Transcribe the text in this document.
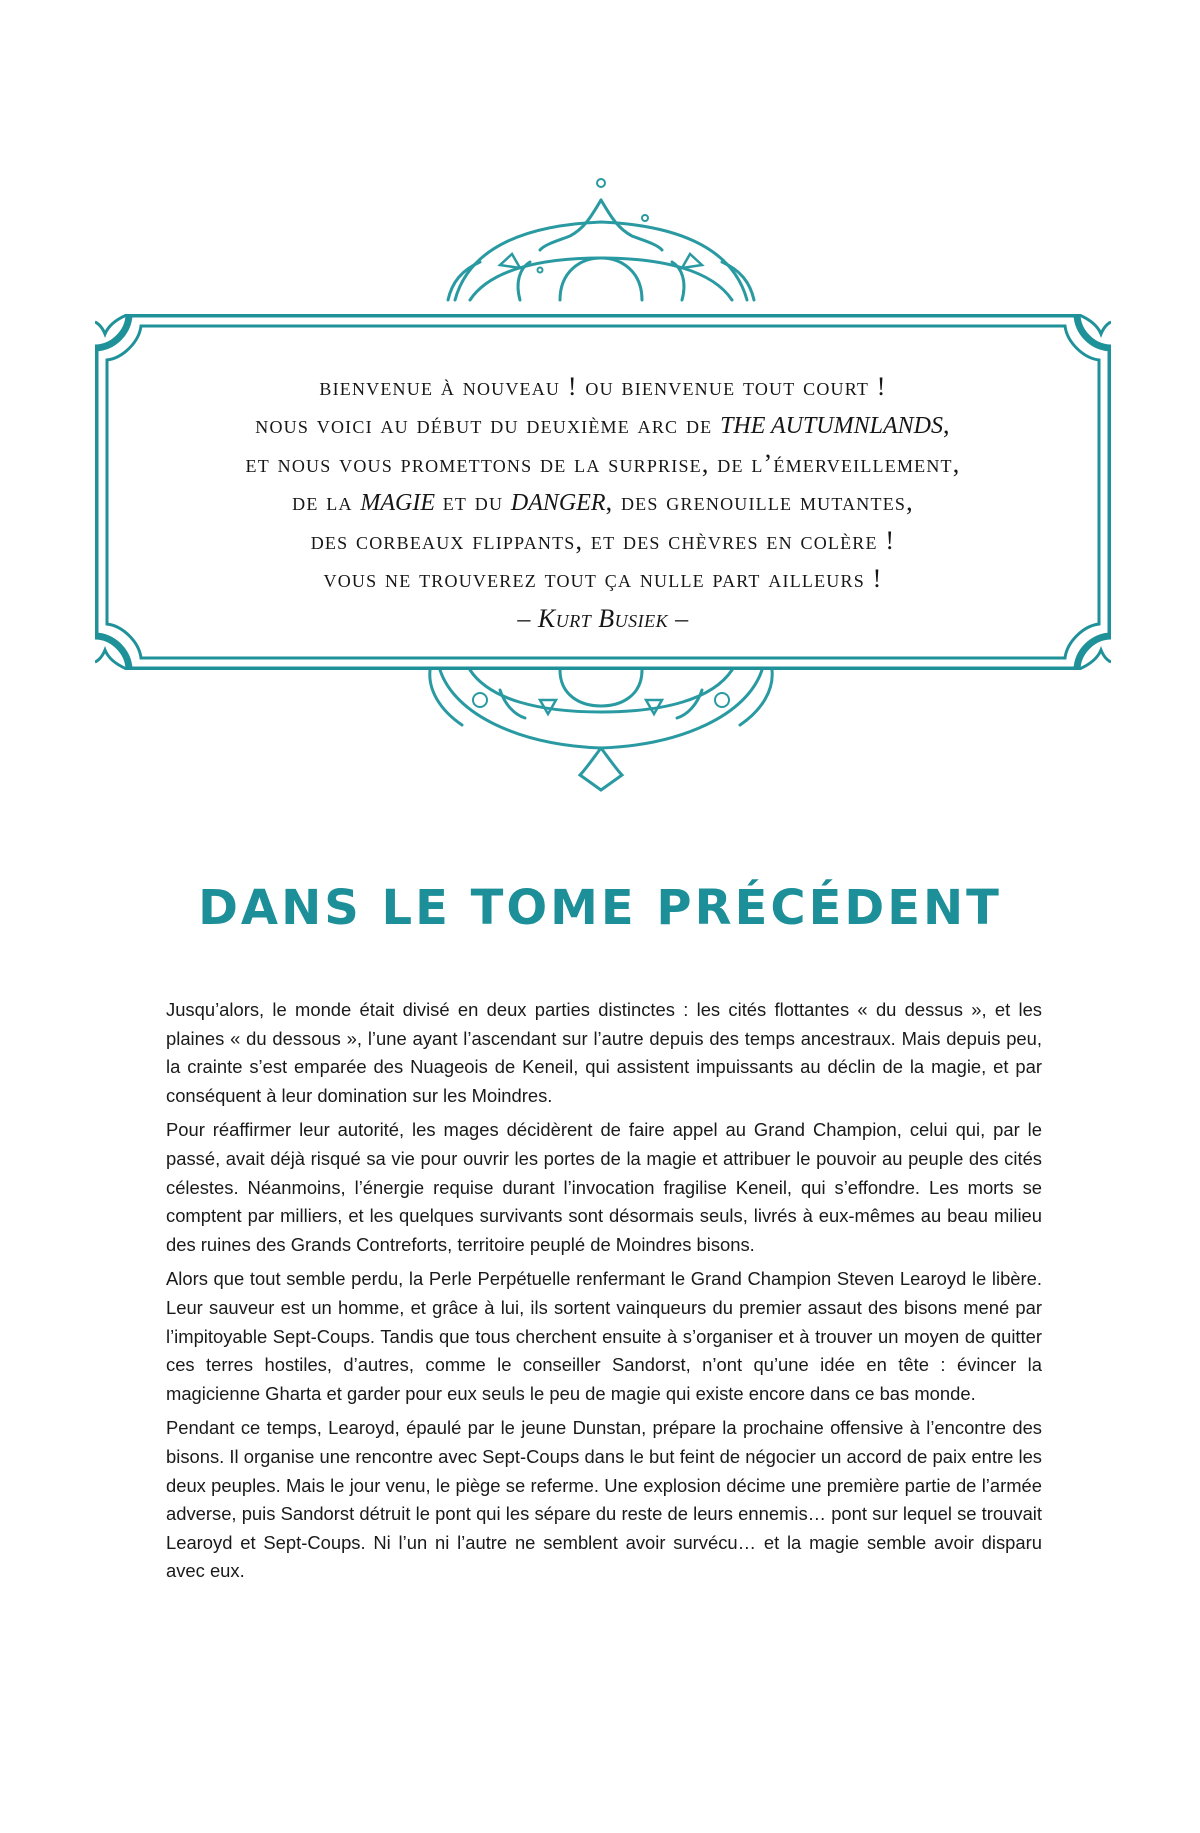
bienvenue à nouveau ! ou bienvenue tout court !
nous voici au début du deuxième arc de THE AUTUMNLANDS,
et nous vous promettons de la surprise, de l’émerveillement,
de la MAGIE et du DANGER, des grenouille mutantes,
des corbeaux flippants, et des chèvres en colère !
vous ne trouverez tout ça nulle part ailleurs !
– Kurt Busiek –
DANS LE TOME PRÉCÉDENT

Jusqu’alors, le monde était divisé en deux parties distinctes : les cités flottantes « du dessus », et les plaines « du dessous », l’une ayant l’ascendant sur l’autre depuis des temps ancestraux. Mais depuis peu, la crainte s’est emparée des Nuageois de Keneil, qui assistent impuissants au déclin de la magie, et par conséquent à leur domination sur les Moindres.

Pour réaffirmer leur autorité, les mages décidèrent de faire appel au Grand Champion, celui qui, par le passé, avait déjà risqué sa vie pour ouvrir les portes de la magie et attribuer le pouvoir au peuple des cités célestes. Néanmoins, l’énergie requise durant l’invocation fragilise Keneil, qui s’effondre. Les morts se comptent par milliers, et les quelques survivants sont désormais seuls, livrés à eux-mêmes au beau milieu des ruines des Grands Contreforts, territoire peuplé de Moindres bisons.

Alors que tout semble perdu, la Perle Perpétuelle renfermant le Grand Champion Steven Learoyd le libère. Leur sauveur est un homme, et grâce à lui, ils sortent vainqueurs du premier assaut des bisons mené par l’impitoyable Sept-Coups. Tandis que tous cherchent ensuite à s’organiser et à trouver un moyen de quitter ces terres hostiles, d’autres, comme le conseiller Sandorst, n’ont qu’une idée en tête : évincer la magicienne Gharta et garder pour eux seuls le peu de magie qui existe encore dans ce bas monde.

Pendant ce temps, Learoyd, épaulé par le jeune Dunstan, prépare la prochaine offensive à l’encontre des bisons. Il organise une rencontre avec Sept-Coups dans le but feint de négocier un accord de paix entre les deux peuples. Mais le jour venu, le piège se referme. Une explosion décime une première partie de l’armée adverse, puis Sandorst détruit le pont qui les sépare du reste de leurs ennemis… pont sur lequel se trouvait Learoyd et Sept-Coups. Ni l’un ni l’autre ne semblent avoir survécu… et la magie semble avoir disparu avec eux.
